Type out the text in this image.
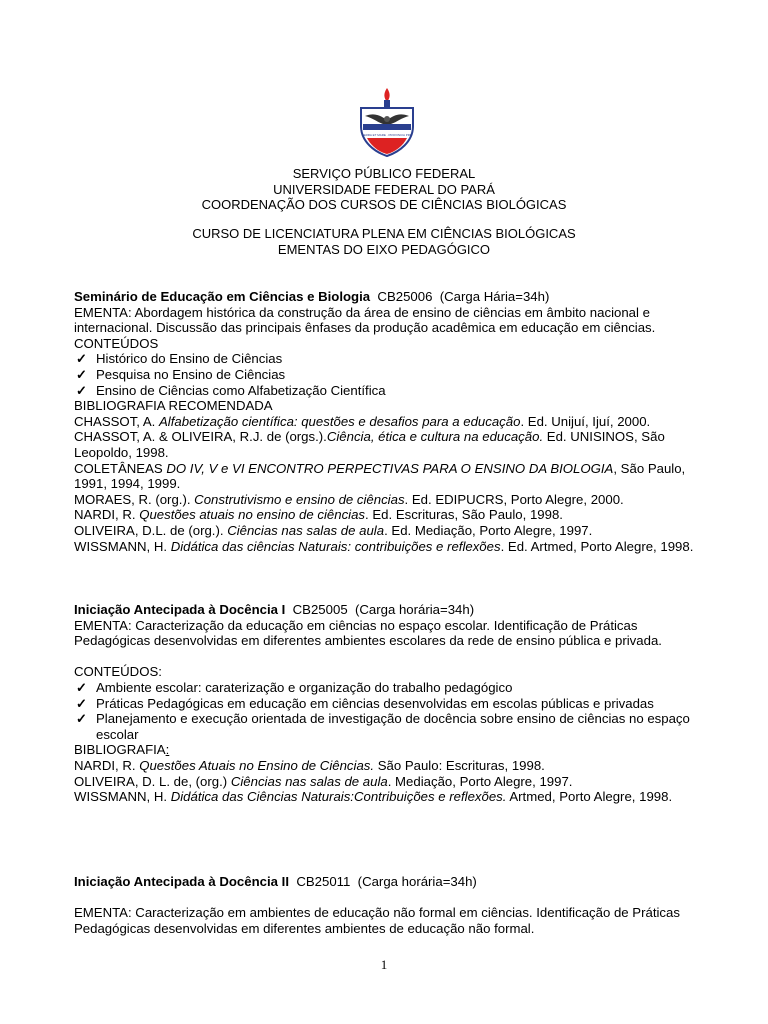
TERRA ET MARE · PROVINCIA PRO
SERVIÇO PÚBLICO FEDERAL
UNIVERSIDADE FEDERAL DO PARÁ
COORDENAÇÃO DOS CURSOS DE CIÊNCIAS BIOLÓGICAS
CURSO DE LICENCIATURA PLENA EM CIÊNCIAS BIOLÓGICAS
EMENTAS DO EIXO PEDAGÓGICO

Seminário de Educação em Ciências e Biologia CB25006 (Carga Hária=34h)

EMENTA: Abordagem histórica da construção da área de ensino de ciências em âmbito nacional e internacional. Discussão das principais ênfases da produção acadêmica em educação em ciências.

CONTEÚDOS

✓ Histórico do Ensino de Ciências
✓ Pesquisa no Ensino de Ciências
✓ Ensino de Ciências como Alfabetização Científica

BIBLIOGRAFIA RECOMENDADA

CHASSOT, A. Alfabetização científica: questões e desafios para a educação. Ed. Unijuí, Ijuí, 2000.

CHASSOT, A. & OLIVEIRA, R.J. de (orgs.).Ciência, ética e cultura na educação. Ed. UNISINOS, São Leopoldo, 1998.

COLETÂNEAS DO IV, V e VI ENCONTRO PERPECTIVAS PARA O ENSINO DA BIOLOGIA, São Paulo, 1991, 1994, 1999.

MORAES, R. (org.). Construtivismo e ensino de ciências. Ed. EDIPUCRS, Porto Alegre, 2000.

NARDI, R. Questões atuais no ensino de ciências. Ed. Escrituras, São Paulo, 1998.

OLIVEIRA, D.L. de (org.). Ciências nas salas de aula. Ed. Mediação, Porto Alegre, 1997.

WISSMANN, H. Didática das ciências Naturais: contribuições e reflexões. Ed. Artmed, Porto Alegre, 1998.

Iniciação Antecipada à Docência I CB25005 (Carga horária=34h)

EMENTA: Caracterização da educação em ciências no espaço escolar. Identificação de Práticas Pedagógicas desenvolvidas em diferentes ambientes escolares da rede de ensino pública e privada.

CONTEÚDOS:

✓ Ambiente escolar: caraterização e organização do trabalho pedagógico
✓ Práticas Pedagógicas em educação em ciências desenvolvidas em escolas públicas e privadas
✓ Planejamento e execução orientada de investigação de docência sobre ensino de ciências no espaço escolar

BIBLIOGRAFIA:

NARDI, R. Questões Atuais no Ensino de Ciências. São Paulo: Escrituras, 1998.

OLIVEIRA, D. L. de, (org.) Ciências nas salas de aula. Mediação, Porto Alegre, 1997.

WISSMANN, H. Didática das Ciências Naturais:Contribuições e reflexões. Artmed, Porto Alegre, 1998.

Iniciação Antecipada à Docência II CB25011 (Carga horária=34h)

EMENTA: Caracterização em ambientes de educação não formal em ciências. Identificação de Práticas Pedagógicas desenvolvidas em diferentes ambientes de educação não formal.

1
